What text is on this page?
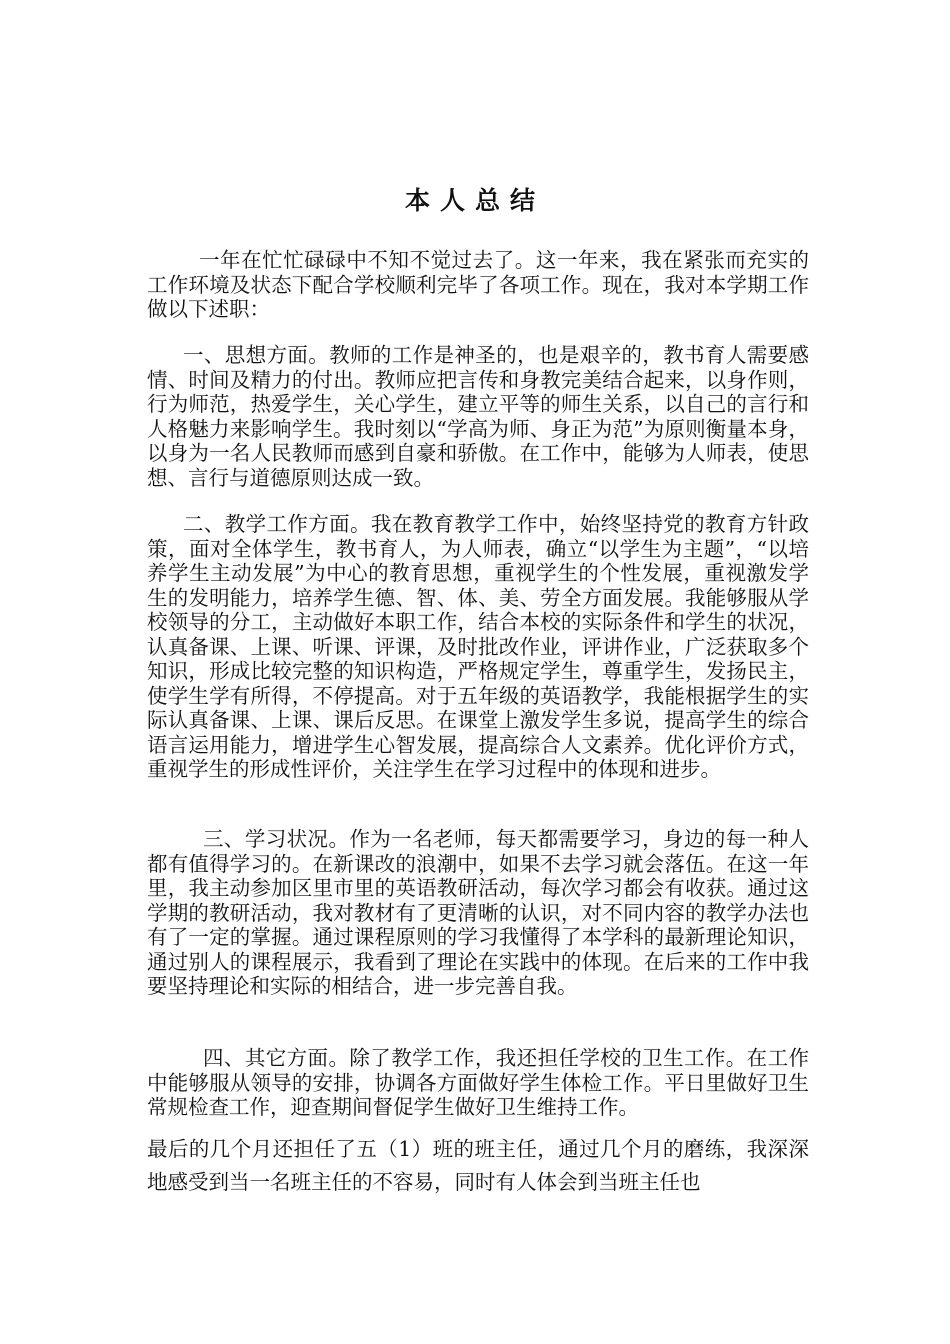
本人总结

一年在忙忙碌碌中不知不觉过去了。这一年来，我在紧张而充实的工作环境及状态下配合学校顺利完毕了各项工作。现在，我对本学期工作做以下述职：

一、思想方面。教师的工作是神圣的，也是艰辛的，教书育人需要感情、时间及精力的付出。教师应把言传和身教完美结合起来，以身作则，行为师范，热爱学生，关心学生，建立平等的师生关系，以自己的言行和人格魅力来影响学生。我时刻以“学高为师、身正为范”为原则衡量本身，以身为一名人民教师而感到自豪和骄傲。在工作中，能够为人师表，使思想、言行与道德原则达成一致。

二、教学工作方面。我在教育教学工作中，始终坚持党的教育方针政策，面对全体学生，教书育人，为人师表，确立“以学生为主题”，“以培养学生主动发展”为中心的教育思想，重视学生的个性发展，重视激发学生的发明能力，培养学生德、智、体、美、劳全方面发展。我能够服从学校领导的分工，主动做好本职工作，结合本校的实际条件和学生的状况，认真备课、上课、听课、评课，及时批改作业，评讲作业，广泛获取多个知识，形成比较完整的知识构造，严格规定学生，尊重学生，发扬民主，使学生学有所得，不停提高。对于五年级的英语教学，我能根据学生的实际认真备课、上课、课后反思。在课堂上激发学生多说，提高学生的综合语言运用能力，增进学生心智发展，提高综合人文素养。优化评价方式，重视学生的形成性评价，关注学生在学习过程中的体现和进步。

三、学习状况。作为一名老师，每天都需要学习，身边的每一种人都有值得学习的。在新课改的浪潮中，如果不去学习就会落伍。在这一年里，我主动参加区里市里的英语教研活动，每次学习都会有收获。通过这学期的教研活动，我对教材有了更清晰的认识，对不同内容的教学办法也有了一定的掌握。通过课程原则的学习我懂得了本学科的最新理论知识，通过别人的课程展示，我看到了理论在实践中的体现。在后来的工作中我要坚持理论和实际的相结合，进一步完善自我。

四、其它方面。除了教学工作，我还担任学校的卫生工作。在工作中能够服从领导的安排，协调各方面做好学生体检工作。平日里做好卫生常规检查工作，迎查期间督促学生做好卫生维持工作。

最后的几个月还担任了五（1）班的班主任，通过几个月的磨练，我深深地感受到当一名班主任的不容易，同时有人体会到当班主任也
